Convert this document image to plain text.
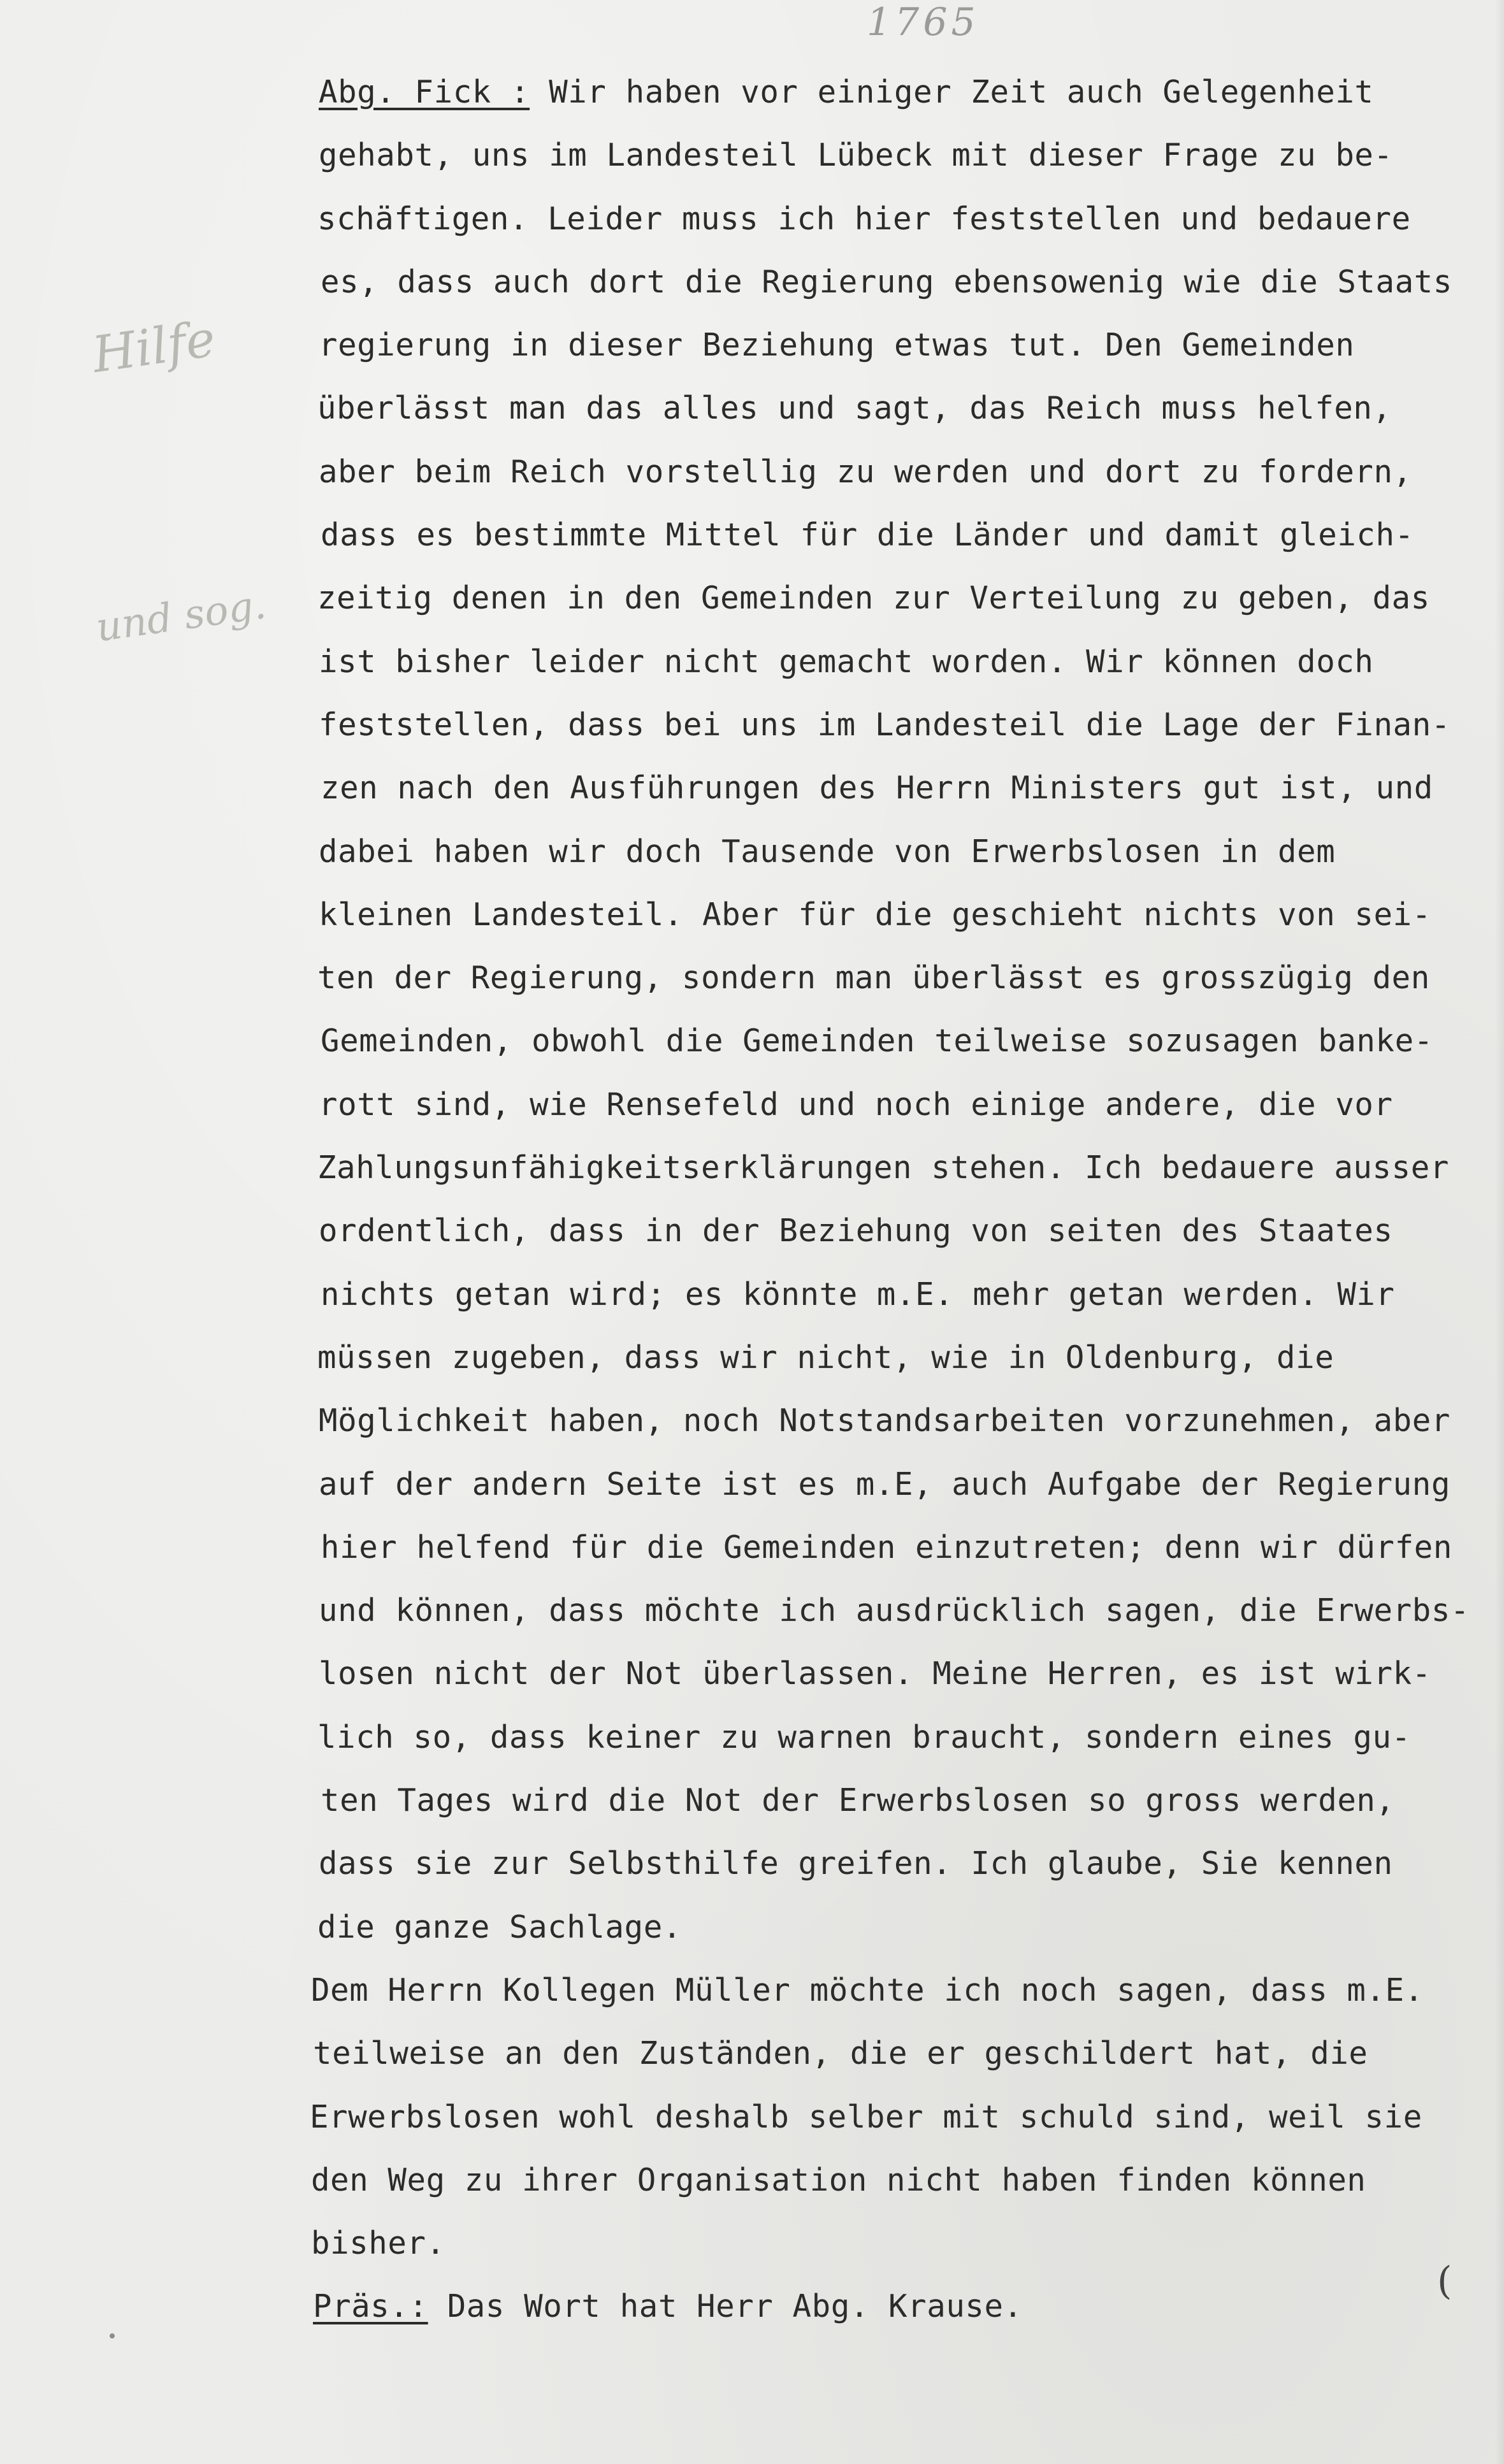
1765
Hilfe
und sog.
Abg. Fick : Wir haben vor einiger Zeit auch Gelegenheit
gehabt, uns im Landesteil Lübeck mit dieser Frage zu be-
schäftigen. Leider muss ich hier feststellen und bedauere
es, dass auch dort die Regierung ebensowenig wie die Staats
regierung in dieser Beziehung etwas tut. Den Gemeinden
überlässt man das alles und sagt, das Reich muss helfen,
aber beim Reich vorstellig zu werden und dort zu fordern,
dass es bestimmte Mittel für die Länder und damit gleich-
zeitig denen in den Gemeinden zur Verteilung zu geben, das
ist bisher leider nicht gemacht worden. Wir können doch
feststellen, dass bei uns im Landesteil die Lage der Finan-
zen nach den Ausführungen des Herrn Ministers gut ist, und
dabei haben wir doch Tausende von Erwerbslosen in dem
kleinen Landesteil. Aber für die geschieht nichts von sei-
ten der Regierung, sondern man überlässt es grosszügig den
Gemeinden, obwohl die Gemeinden teilweise sozusagen banke-
rott sind, wie Rensefeld und noch einige andere, die vor
Zahlungsunfähigkeitserklärungen stehen. Ich bedauere ausser
ordentlich, dass in der Beziehung von seiten des Staates
nichts getan wird; es könnte m.E. mehr getan werden. Wir
müssen zugeben, dass wir nicht, wie in Oldenburg, die
Möglichkeit haben, noch Notstandsarbeiten vorzunehmen, aber
auf der andern Seite ist es m.E, auch Aufgabe der Regierung
hier helfend für die Gemeinden einzutreten; denn wir dürfen
und können, dass möchte ich ausdrücklich sagen, die Erwerbs-
losen nicht der Not überlassen. Meine Herren, es ist wirk-
lich so, dass keiner zu warnen braucht, sondern eines gu-
ten Tages wird die Not der Erwerbslosen so gross werden,
dass sie zur Selbsthilfe greifen. Ich glaube, Sie kennen
die ganze Sachlage.
Dem Herrn Kollegen Müller möchte ich noch sagen, dass m.E.
teilweise an den Zuständen, die er geschildert hat, die
Erwerbslosen wohl deshalb selber mit schuld sind, weil sie
den Weg zu ihrer Organisation nicht haben finden können
bisher.
Präs.: Das Wort hat Herr Abg. Krause.
(
